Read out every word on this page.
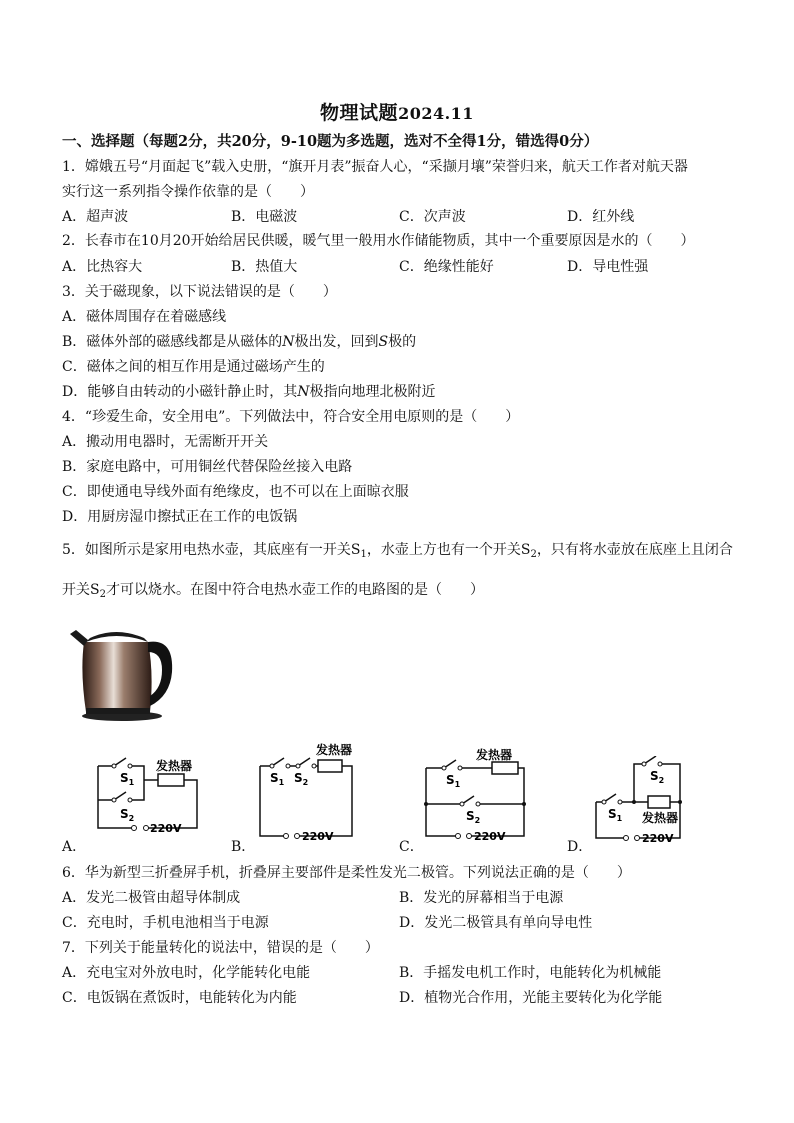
物理试题2024.11
一、选择题（每题2分，共20分，9-10题为多选题，选对不全得1分，错选得0分）
1．嫦娥五号“月面起飞”载入史册，“旗开月表”振奋人心，“采撷月壤”荣誉归来，航天工作者对航天器
实行这一系列指令操作依靠的是（　　）
A．超声波	B．电磁波	C．次声波	D．红外线
2．长春市在10月20开始给居民供暖，暖气里一般用水作储能物质，其中一个重要原因是水的（　　）
A．比热容大	B．热值大	C．绝缘性能好	D．导电性强
3．关于磁现象，以下说法错误的是（　　）
A．磁体周围存在着磁感线
B．磁体外部的磁感线都是从磁体的N极出发，回到S极的
C．磁体之间的相互作用是通过磁场产生的
D．能够自由转动的小磁针静止时，其N极指向地理北极附近
4．“珍爱生命，安全用电”。下列做法中，符合安全用电原则的是（　　）
A．搬动用电器时，无需断开开关
B．家庭电路中，可用铜丝代替保险丝接入电路
C．即使通电导线外面有绝缘皮，也不可以在上面晾衣服
D．用厨房湿巾擦拭正在工作的电饭锅
5．如图所示是家用电热水壶，其底座有一开关$S_1$，水壶上方也有一个开关$S_2$，只有将水壶放在底座上且闭合
开关$S_2$才可以烧水。在图中符合电热水壶工作的电路图的是（　　）
$S_1$
$S_2$
发热器
220V
A．
$S_1$ $S_2$
发热器
220V
B．
$S_1$
$S_2$
发热器
220V
C．
$S_1$
$S_2$
发热器
220V
D．
6．华为新型三折叠屏手机，折叠屏主要部件是柔性发光二极管。下列说法正确的是（　　）
A．发光二极管由超导体制成	B．发光的屏幕相当于电源
C．充电时，手机电池相当于电源	D．发光二极管具有单向导电性
7．下列关于能量转化的说法中，错误的是（　　）
A．充电宝对外放电时，化学能转化电能	B．手摇发电机工作时，电能转化为机械能
C．电饭锅在煮饭时，电能转化为内能	D．植物光合作用，光能主要转化为化学能
